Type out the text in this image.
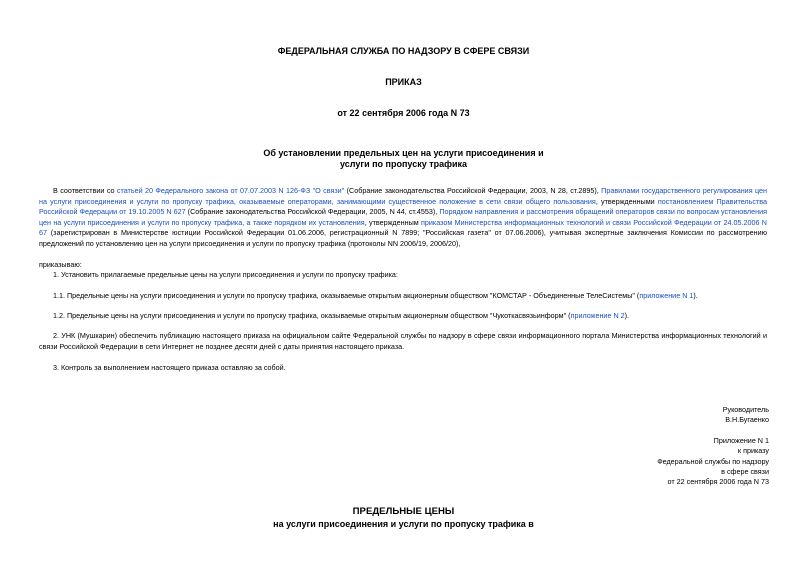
ФЕДЕРАЛЬНАЯ СЛУЖБА ПО НАДЗОРУ В СФЕРЕ СВЯЗИ
ПРИКАЗ
от 22 сентября 2006 года N 73
Об установлении предельных цен на услуги присоединения и
услуги по пропуску трафика
В соответствии со статьей 20 Федерального закона от 07.07.2003 N 126-ФЗ "О связи" (Собрание законодательства Российской Федерации, 2003, N 28, ст.2895), Правилами государственного регулирования цен на услуги присоединения и услуги по пропуску трафика, оказываемые операторами, занимающими существенное положение в сети связи общего пользования, утвержденными постановлением Правительства Российской Федерации от 19.10.2005 N 627 (Собрание законодательства Российской Федерации, 2005, N 44, ст.4553), Порядком направления и рассмотрения обращений операторов связи по вопросам установления цен на услуги присоединения и услуги по пропуску трафика, а также порядком их установления, утвержденным приказом Министерства информационных технологий и связи Российской Федерации от 24.05.2006 N 67 (зарегистрирован в Министерстве юстиции Российской Федерации 01.06.2006, регистрационный N 7899; "Российская газета" от 07.06.2006), учитывая экспертные заключения Комиссии по рассмотрению предложений по установлению цен на услуги присоединения и услуги по пропуску трафика (протоколы NN 2006/19, 2006/20),
приказываю:
1. Установить прилагаемые предельные цены на услуги присоединения и услуги по пропуску трафика:
1.1. Предельные цены на услуги присоединения и услуги по пропуску трафика, оказываемые открытым акционерным обществом "КОМСТАР - Объединенные ТелеСистемы" (приложение N 1).
1.2. Предельные цены на услуги присоединения и услуги по пропуску трафика, оказываемые открытым акционерным обществом "Чукоткасвязьинформ" (приложение N 2).
2. УНК (Мушкарин) обеспечить публикацию настоящего приказа на официальном сайте Федеральной службы по надзору в сфере связи информационного портала Министерства информационных технологий и связи Российской Федерации в сети Интернет не позднее десяти дней с даты принятия настоящего приказа.
3. Контроль за выполнением настоящего приказа оставляю за собой.
Руководитель
В.Н.Бугаенко
Приложение N 1
к приказу
Федеральной службы по надзору
в сфере связи
от 22 сентября 2006 года N 73
ПРЕДЕЛЬНЫЕ ЦЕНЫ
на услуги присоединения и услуги по пропуску трафика в
